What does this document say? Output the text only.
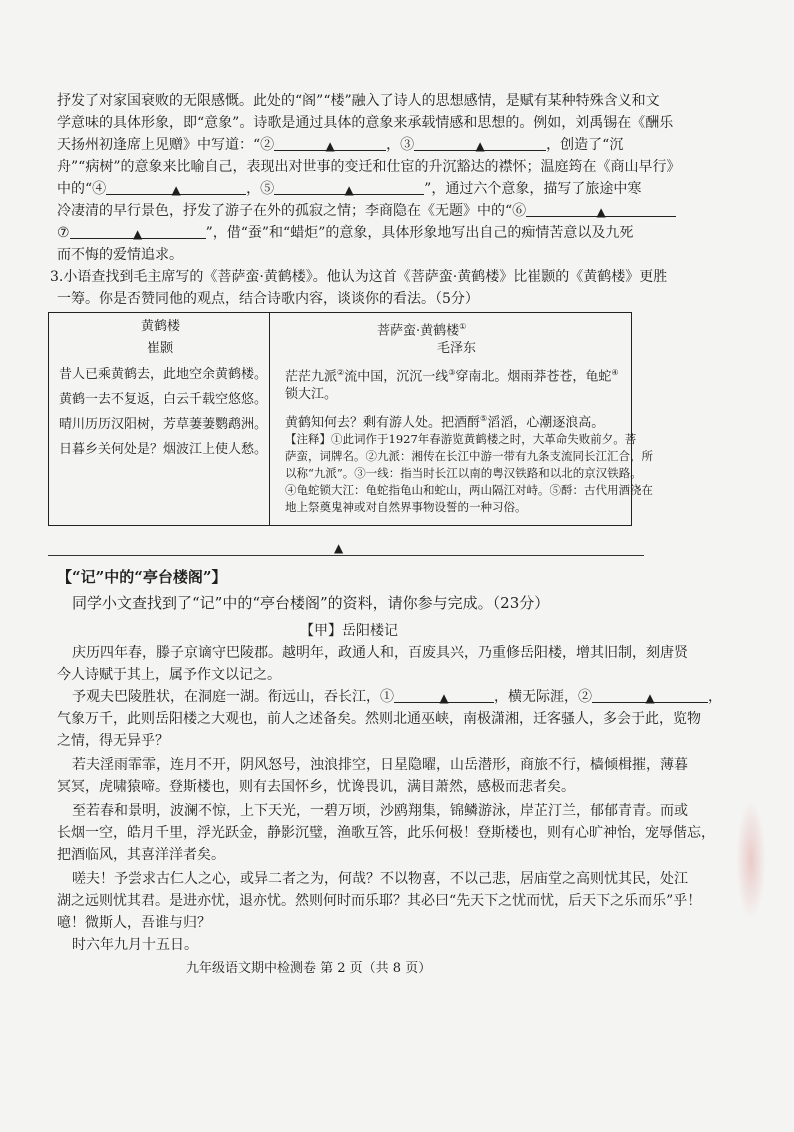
抒发了对家国衰败的无限感慨。此处的“阁”“楼”融入了诗人的思想感情，是赋有某种特殊含义和文
学意味的具体形象，即“意象”。诗歌是通过具体的意象来承载情感和思想的。例如，刘禹锡在《酬乐
天扬州初逢席上见赠》中写道：“②	▲	，③	▲	，创造了“沉
舟”“病树”的意象来比喻自己，表现出对世事的变迁和仕宦的升沉豁达的襟怀；温庭筠在《商山早行》
中的“④	▲	，⑤	▲	”，通过六个意象，描写了旅途中寒
冷凄清的早行景色，抒发了游子在外的孤寂之情；李商隐在《无题》中的“⑥	▲
⑦	▲	”，借“蚕”和“蜡炬”的意象，具体形象地写出自己的痴情苦意以及九死
而不悔的爱情追求。
3.小语查找到毛主席写的《菩萨蛮·黄鹤楼》。他认为这首《菩萨蛮·黄鹤楼》比崔颢的《黄鹤楼》更胜
一筹。你是否赞同他的观点，结合诗歌内容，谈谈你的看法。（5分）
黄鹤楼
崔颢
昔人已乘黄鹤去，此地空余黄鹤楼。
黄鹤一去不复返，白云千载空悠悠。
晴川历历汉阳树，芳草萋萋鹦鹉洲。
日暮乡关何处是？烟波江上使人愁。
菩萨蛮·黄鹤楼①
毛泽东
茫茫九派②流中国，沉沉一线③穿南北。烟雨莽苍苍，龟蛇④
锁大江。
黄鹤知何去？剩有游人处。把酒酹⑤滔滔，心潮逐浪高。
【注释】①此词作于1927年春游览黄鹤楼之时，大革命失败前夕。菩
萨蛮，词牌名。②九派：湘传在长江中游一带有九条支流同长江汇合，所
以称“九派”。③一线：指当时长江以南的粤汉铁路和以北的京汉铁路。
④龟蛇锁大江：龟蛇指龟山和蛇山，两山隔江对峙。⑤酹：古代用酒浇在
地上祭奠鬼神或对自然界事物设誓的一种习俗。
▲
【“记”中的“亭台楼阁”】
同学小文查找到了“记”中的“亭台楼阁”的资料，请你参与完成。（23分）
【甲】岳阳楼记
庆历四年春，滕子京谪守巴陵郡。越明年，政通人和，百废具兴，乃重修岳阳楼，增其旧制，刻唐贤
今人诗赋于其上，属予作文以记之。
予观夫巴陵胜状，在洞庭一湖。衔远山，吞长江，①	▲	，横无际涯，②	▲	，
气象万千，此则岳阳楼之大观也，前人之述备矣。然则北通巫峡，南极潇湘，迁客骚人，多会于此，览物
之情，得无异乎？
若夫淫雨霏霏，连月不开，阴风怒号，浊浪排空，日星隐曜，山岳潜形，商旅不行，樯倾楫摧，薄暮
冥冥，虎啸猿啼。登斯楼也，则有去国怀乡，忧谗畏讥，满目萧然，感极而悲者矣。
至若春和景明，波澜不惊，上下天光，一碧万顷，沙鸥翔集，锦鳞游泳，岸芷汀兰，郁郁青青。而或
长烟一空，皓月千里，浮光跃金，静影沉璧，渔歌互答，此乐何极！登斯楼也，则有心旷神怡，宠辱偕忘，
把酒临风，其喜洋洋者矣。
嗟夫！予尝求古仁人之心，或异二者之为，何哉？不以物喜，不以己悲，居庙堂之高则忧其民，处江
湖之远则忧其君。是进亦忧，退亦忧。然则何时而乐耶？其必曰“先天下之忧而忧，后天下之乐而乐”乎！
噫！微斯人，吾谁与归？
时六年九月十五日。
九年级语文期中检测卷 第 2 页（共 8 页）
